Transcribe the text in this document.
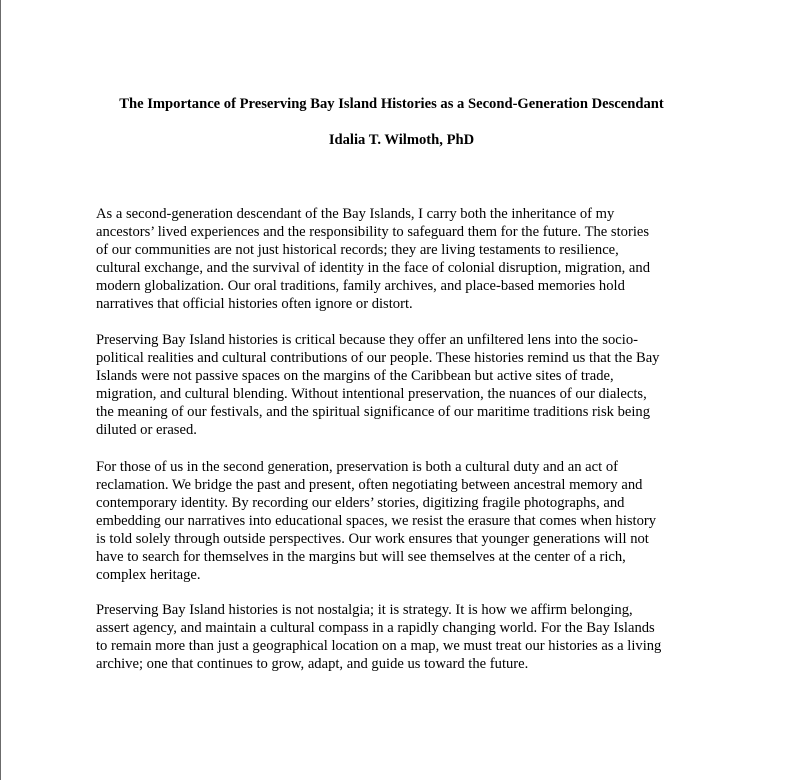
The Importance of Preserving Bay Island Histories as a Second-Generation Descendant
Idalia T. Wilmoth, PhD

As a second-generation descendant of the Bay Islands, I carry both the inheritance of my
ancestors’ lived experiences and the responsibility to safeguard them for the future. The stories
of our communities are not just historical records; they are living testaments to resilience,
cultural exchange, and the survival of identity in the face of colonial disruption, migration, and
modern globalization. Our oral traditions, family archives, and place-based memories hold
narratives that official histories often ignore or distort.

Preserving Bay Island histories is critical because they offer an unfiltered lens into the socio-
political realities and cultural contributions of our people. These histories remind us that the Bay
Islands were not passive spaces on the margins of the Caribbean but active sites of trade,
migration, and cultural blending. Without intentional preservation, the nuances of our dialects,
the meaning of our festivals, and the spiritual significance of our maritime traditions risk being
diluted or erased.

For those of us in the second generation, preservation is both a cultural duty and an act of
reclamation. We bridge the past and present, often negotiating between ancestral memory and
contemporary identity. By recording our elders’ stories, digitizing fragile photographs, and
embedding our narratives into educational spaces, we resist the erasure that comes when history
is told solely through outside perspectives. Our work ensures that younger generations will not
have to search for themselves in the margins but will see themselves at the center of a rich,
complex heritage.

Preserving Bay Island histories is not nostalgia; it is strategy. It is how we affirm belonging,
assert agency, and maintain a cultural compass in a rapidly changing world. For the Bay Islands
to remain more than just a geographical location on a map, we must treat our histories as a living
archive; one that continues to grow, adapt, and guide us toward the future.
